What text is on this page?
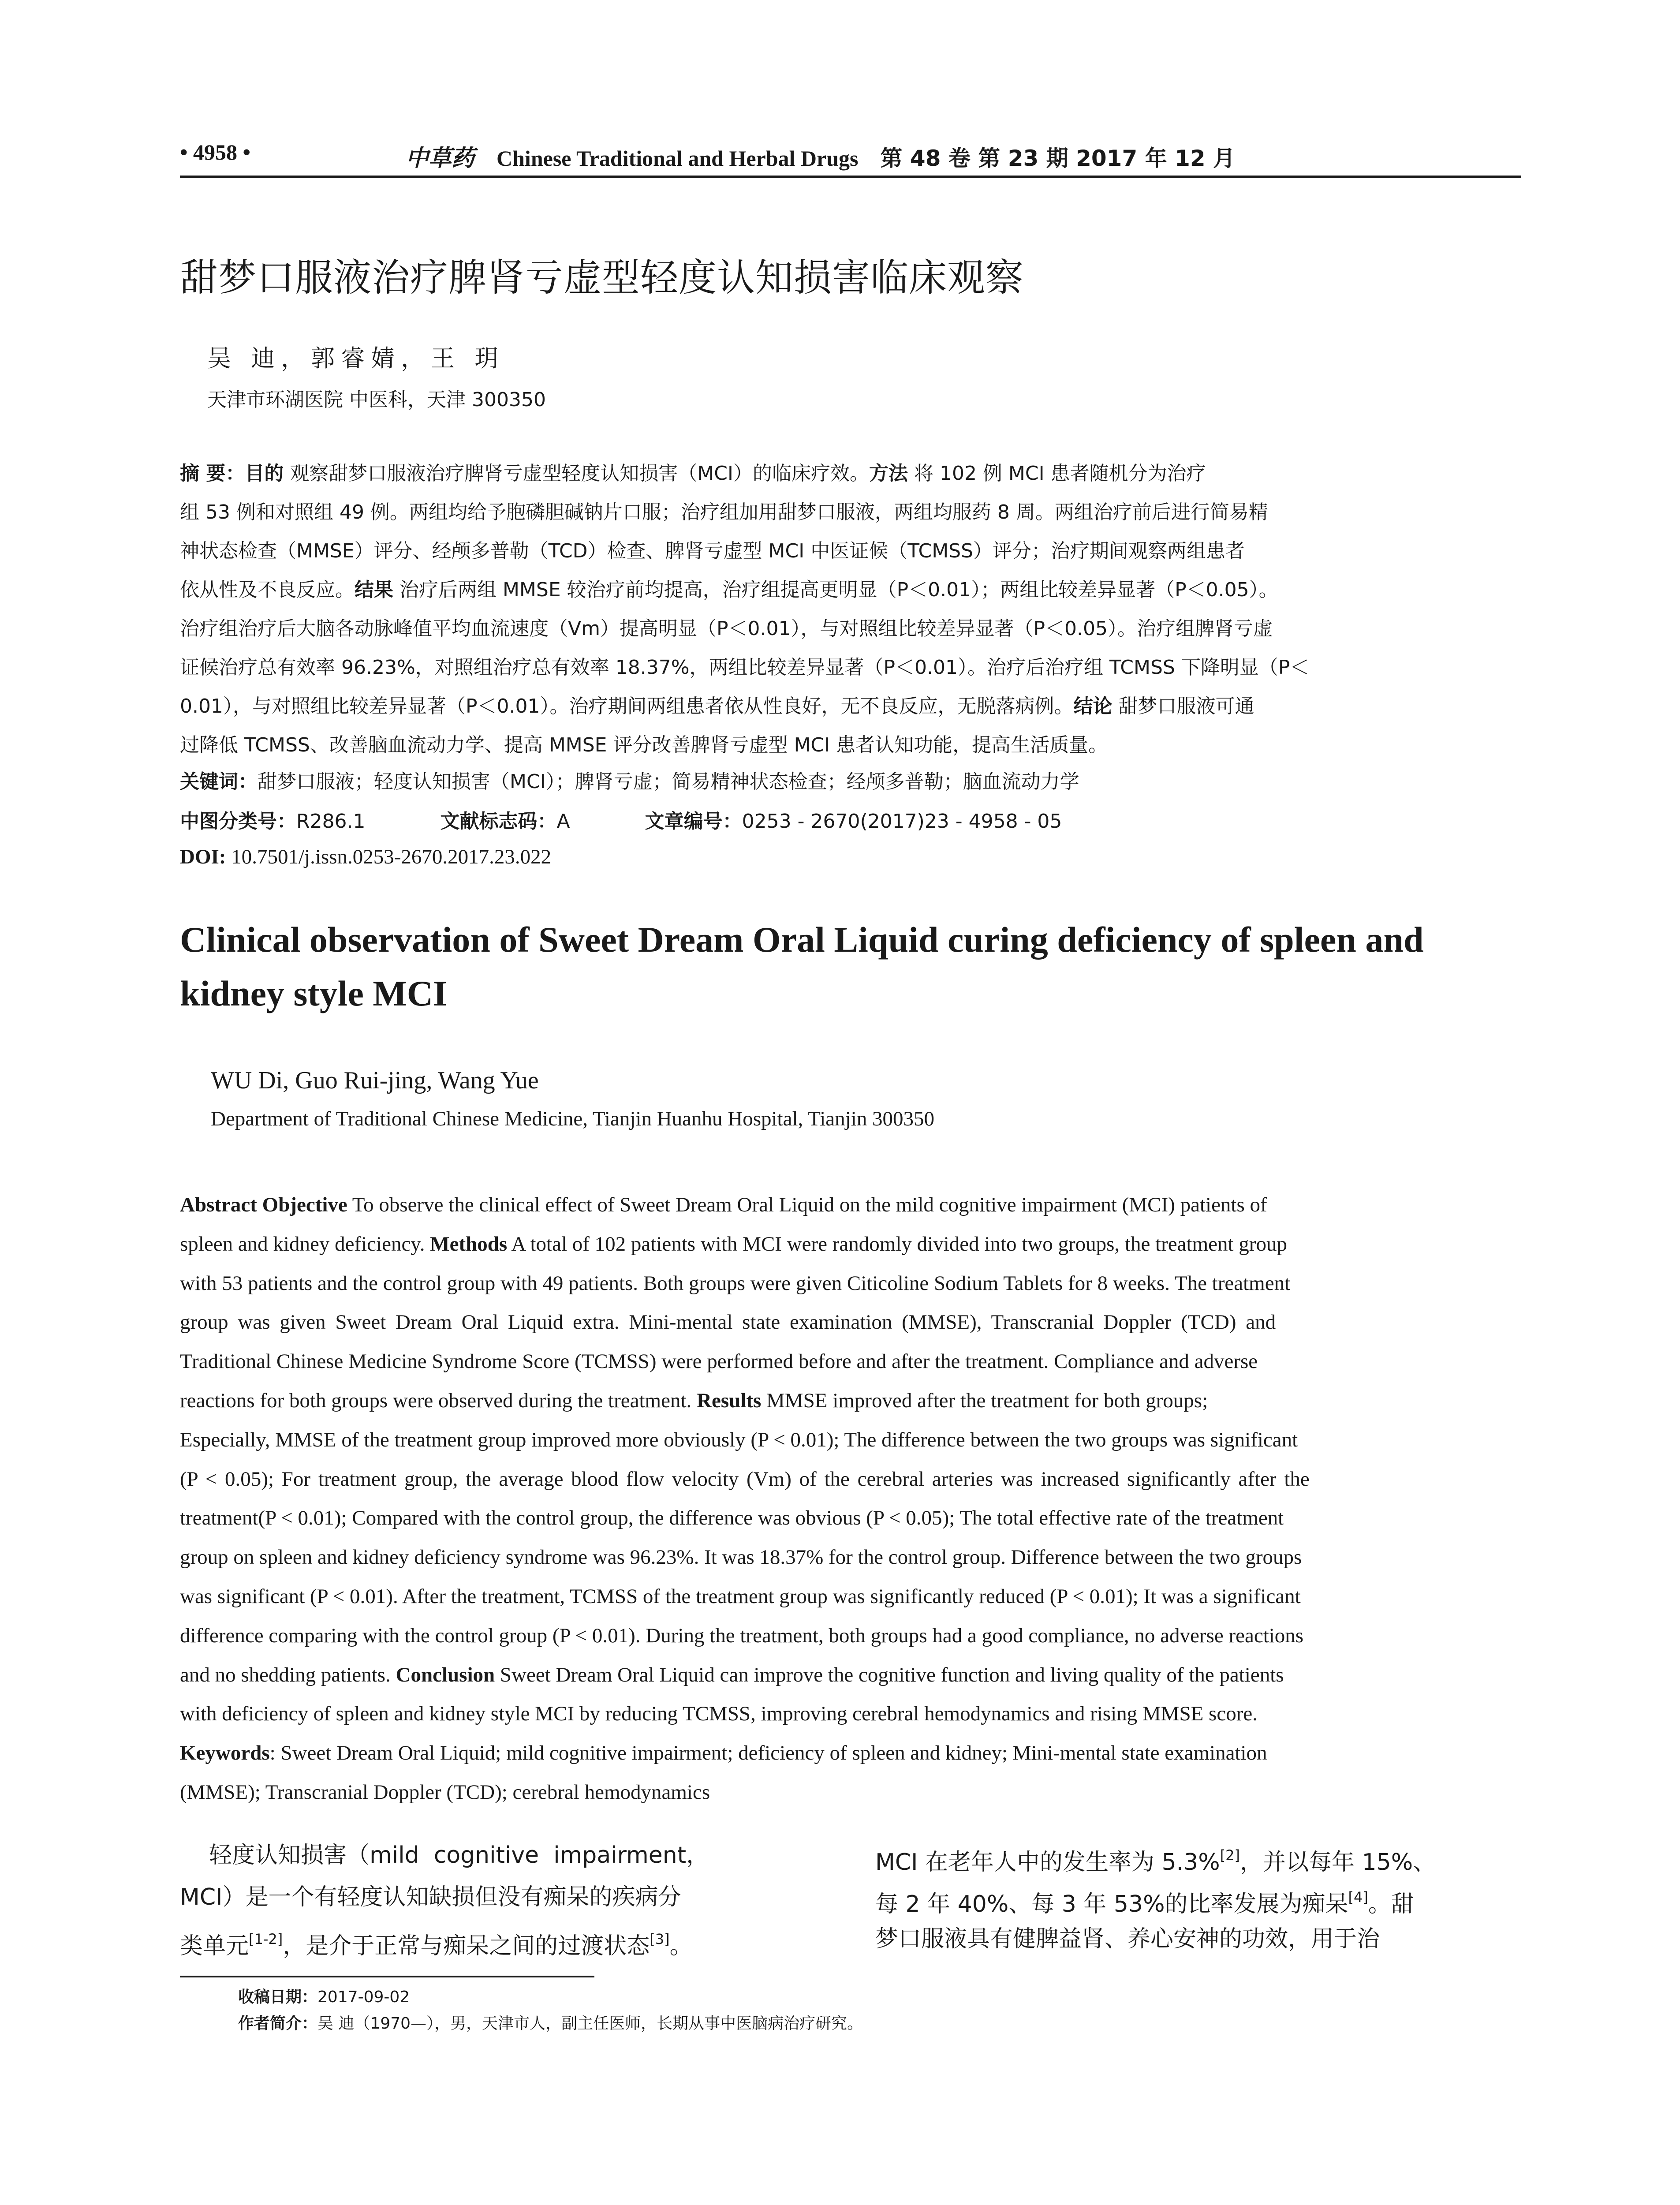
• 4958 •	中草药 Chinese Traditional and Herbal Drugs 第 48 卷 第 23 期 2017 年 12 月
甜梦口服液治疗脾肾亏虚型轻度认知损害临床观察
吴 迪，郭睿婧，王 玥
天津市环湖医院 中医科，天津 300350
摘 要：目的 观察甜梦口服液治疗脾肾亏虚型轻度认知损害（MCI）的临床疗效。方法 将 102 例 MCI 患者随机分为治疗
组 53 例和对照组 49 例。两组均给予胞磷胆碱钠片口服；治疗组加用甜梦口服液，两组均服药 8 周。两组治疗前后进行简易精
神状态检查（MMSE）评分、经颅多普勒（TCD）检查、脾肾亏虚型 MCI 中医证候（TCMSS）评分；治疗期间观察两组患者
依从性及不良反应。结果 治疗后两组 MMSE 较治疗前均提高，治疗组提高更明显（P＜0.01）；两组比较差异显著（P＜0.05）。
治疗组治疗后大脑各动脉峰值平均血流速度（Vm）提高明显（P＜0.01），与对照组比较差异显著（P＜0.05）。治疗组脾肾亏虚
证候治疗总有效率 96.23%，对照组治疗总有效率 18.37%，两组比较差异显著（P＜0.01）。治疗后治疗组 TCMSS 下降明显（P＜
0.01），与对照组比较差异显著（P＜0.01）。治疗期间两组患者依从性良好，无不良反应，无脱落病例。结论 甜梦口服液可通
过降低 TCMSS、改善脑血流动力学、提高 MMSE 评分改善脾肾亏虚型 MCI 患者认知功能，提高生活质量。
关键词：甜梦口服液；轻度认知损害（MCI）；脾肾亏虚；简易精神状态检查；经颅多普勒；脑血流动力学
中图分类号：R286.1	文献标志码：A	文章编号：0253 - 2670(2017)23 - 4958 - 05
DOI: 10.7501/j.issn.0253-2670.2017.23.022
Clinical observation of Sweet Dream Oral Liquid curing deficiency of spleen and
kidney style MCI
WU Di, Guo Rui-jing, Wang Yue
Department of Traditional Chinese Medicine, Tianjin Huanhu Hospital, Tianjin 300350
Abstract Objective To observe the clinical effect of Sweet Dream Oral Liquid on the mild cognitive impairment (MCI) patients of
spleen and kidney deficiency. Methods A total of 102 patients with MCI were randomly divided into two groups, the treatment group
with 53 patients and the control group with 49 patients. Both groups were given Citicoline Sodium Tablets for 8 weeks. The treatment
group was given Sweet Dream Oral Liquid extra. Mini-mental state examination (MMSE), Transcranial Doppler (TCD) and
Traditional Chinese Medicine Syndrome Score (TCMSS) were performed before and after the treatment. Compliance and adverse
reactions for both groups were observed during the treatment. Results MMSE improved after the treatment for both groups;
Especially, MMSE of the treatment group improved more obviously (P < 0.01); The difference between the two groups was significant
(P < 0.05); For treatment group, the average blood flow velocity (Vm) of the cerebral arteries was increased significantly after the
treatment(P < 0.01); Compared with the control group, the difference was obvious (P < 0.05); The total effective rate of the treatment
group on spleen and kidney deficiency syndrome was 96.23%. It was 18.37% for the control group. Difference between the two groups
was significant (P < 0.01). After the treatment, TCMSS of the treatment group was significantly reduced (P < 0.01); It was a significant
difference comparing with the control group (P < 0.01). During the treatment, both groups had a good compliance, no adverse reactions
and no shedding patients. Conclusion Sweet Dream Oral Liquid can improve the cognitive function and living quality of the patients
with deficiency of spleen and kidney style MCI by reducing TCMSS, improving cerebral hemodynamics and rising MMSE score.
Keywords: Sweet Dream Oral Liquid; mild cognitive impairment; deficiency of spleen and kidney; Mini-mental state examination
(MMSE); Transcranial Doppler (TCD); cerebral hemodynamics
轻度认知损害（mild  cognitive  impairment，
MCI）是一个有轻度认知缺损但没有痴呆的疾病分
类单元[1-2]，是介于正常与痴呆之间的过渡状态[3]。
MCI 在老年人中的发生率为 5.3%[2]，并以每年 15%、
每 2 年 40%、每 3 年 53%的比率发展为痴呆[4]。甜
梦口服液具有健脾益肾、养心安神的功效，用于治
收稿日期：2017-09-02
作者简介：吴 迪（1970—），男，天津市人，副主任医师，长期从事中医脑病治疗研究。
